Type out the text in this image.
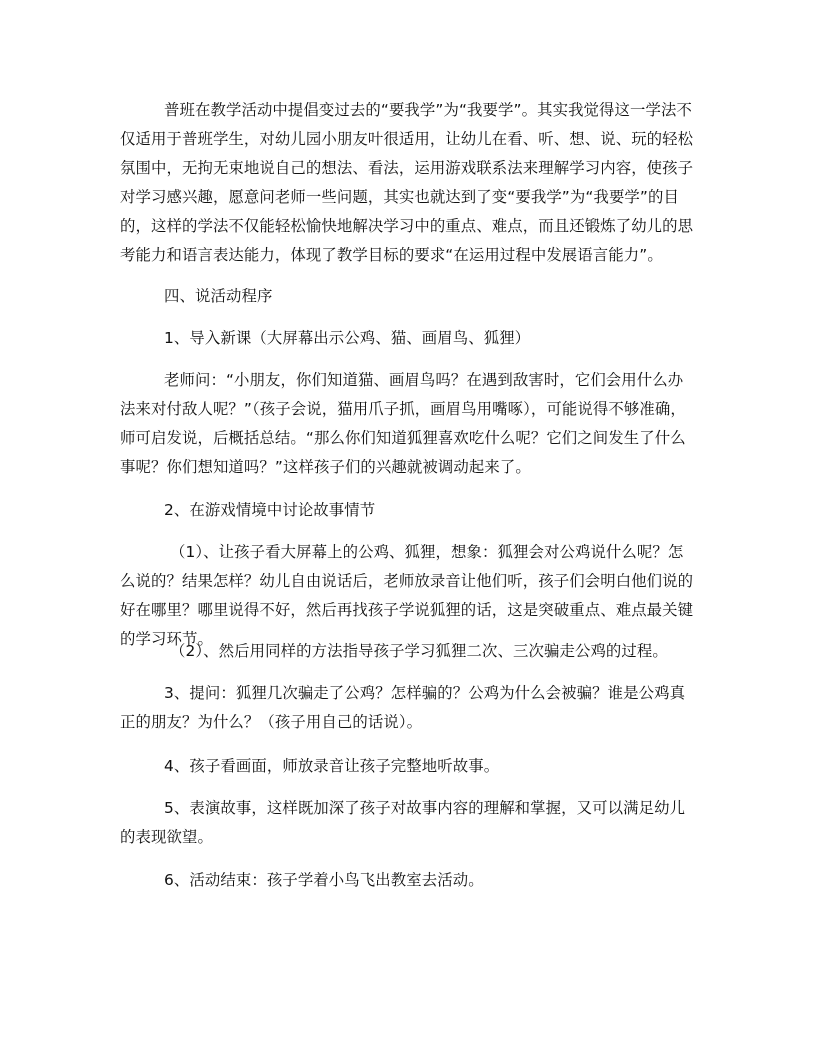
普班在教学活动中提倡变过去的“要我学”为“我要学”。其实我觉得这一学法不仅适用于普班学生，对幼儿园小朋友叶很适用，让幼儿在看、听、想、说、玩的轻松氛围中，无拘无束地说自己的想法、看法，运用游戏联系法来理解学习内容，使孩子对学习感兴趣，愿意问老师一些问题，其实也就达到了变“要我学”为“我要学”的目的，这样的学法不仅能轻松愉快地解决学习中的重点、难点，而且还锻炼了幼儿的思考能力和语言表达能力，体现了教学目标的要求“在运用过程中发展语言能力”。

四、说活动程序

1、导入新课（大屏幕出示公鸡、猫、画眉鸟、狐狸）

老师问：“小朋友，你们知道猫、画眉鸟吗？在遇到敌害时，它们会用什么办法来对付敌人呢？”（孩子会说，猫用爪子抓，画眉鸟用嘴啄），可能说得不够准确，师可启发说，后概括总结。“那么你们知道狐狸喜欢吃什么呢？它们之间发生了什么事呢？你们想知道吗？”这样孩子们的兴趣就被调动起来了。

2、在游戏情境中讨论故事情节

（1）、让孩子看大屏幕上的公鸡、狐狸，想象：狐狸会对公鸡说什么呢？怎么说的？结果怎样？幼儿自由说话后，老师放录音让他们听，孩子们会明白他们说的好在哪里？哪里说得不好，然后再找孩子学说狐狸的话，这是突破重点、难点最关键的学习环节。

（2）、然后用同样的方法指导孩子学习狐狸二次、三次骗走公鸡的过程。

3、提问：狐狸几次骗走了公鸡？怎样骗的？公鸡为什么会被骗？谁是公鸡真正的朋友？为什么？（孩子用自己的话说）。

4、孩子看画面，师放录音让孩子完整地听故事。

5、表演故事，这样既加深了孩子对故事内容的理解和掌握，又可以满足幼儿的表现欲望。

6、活动结束：孩子学着小鸟飞出教室去活动。
